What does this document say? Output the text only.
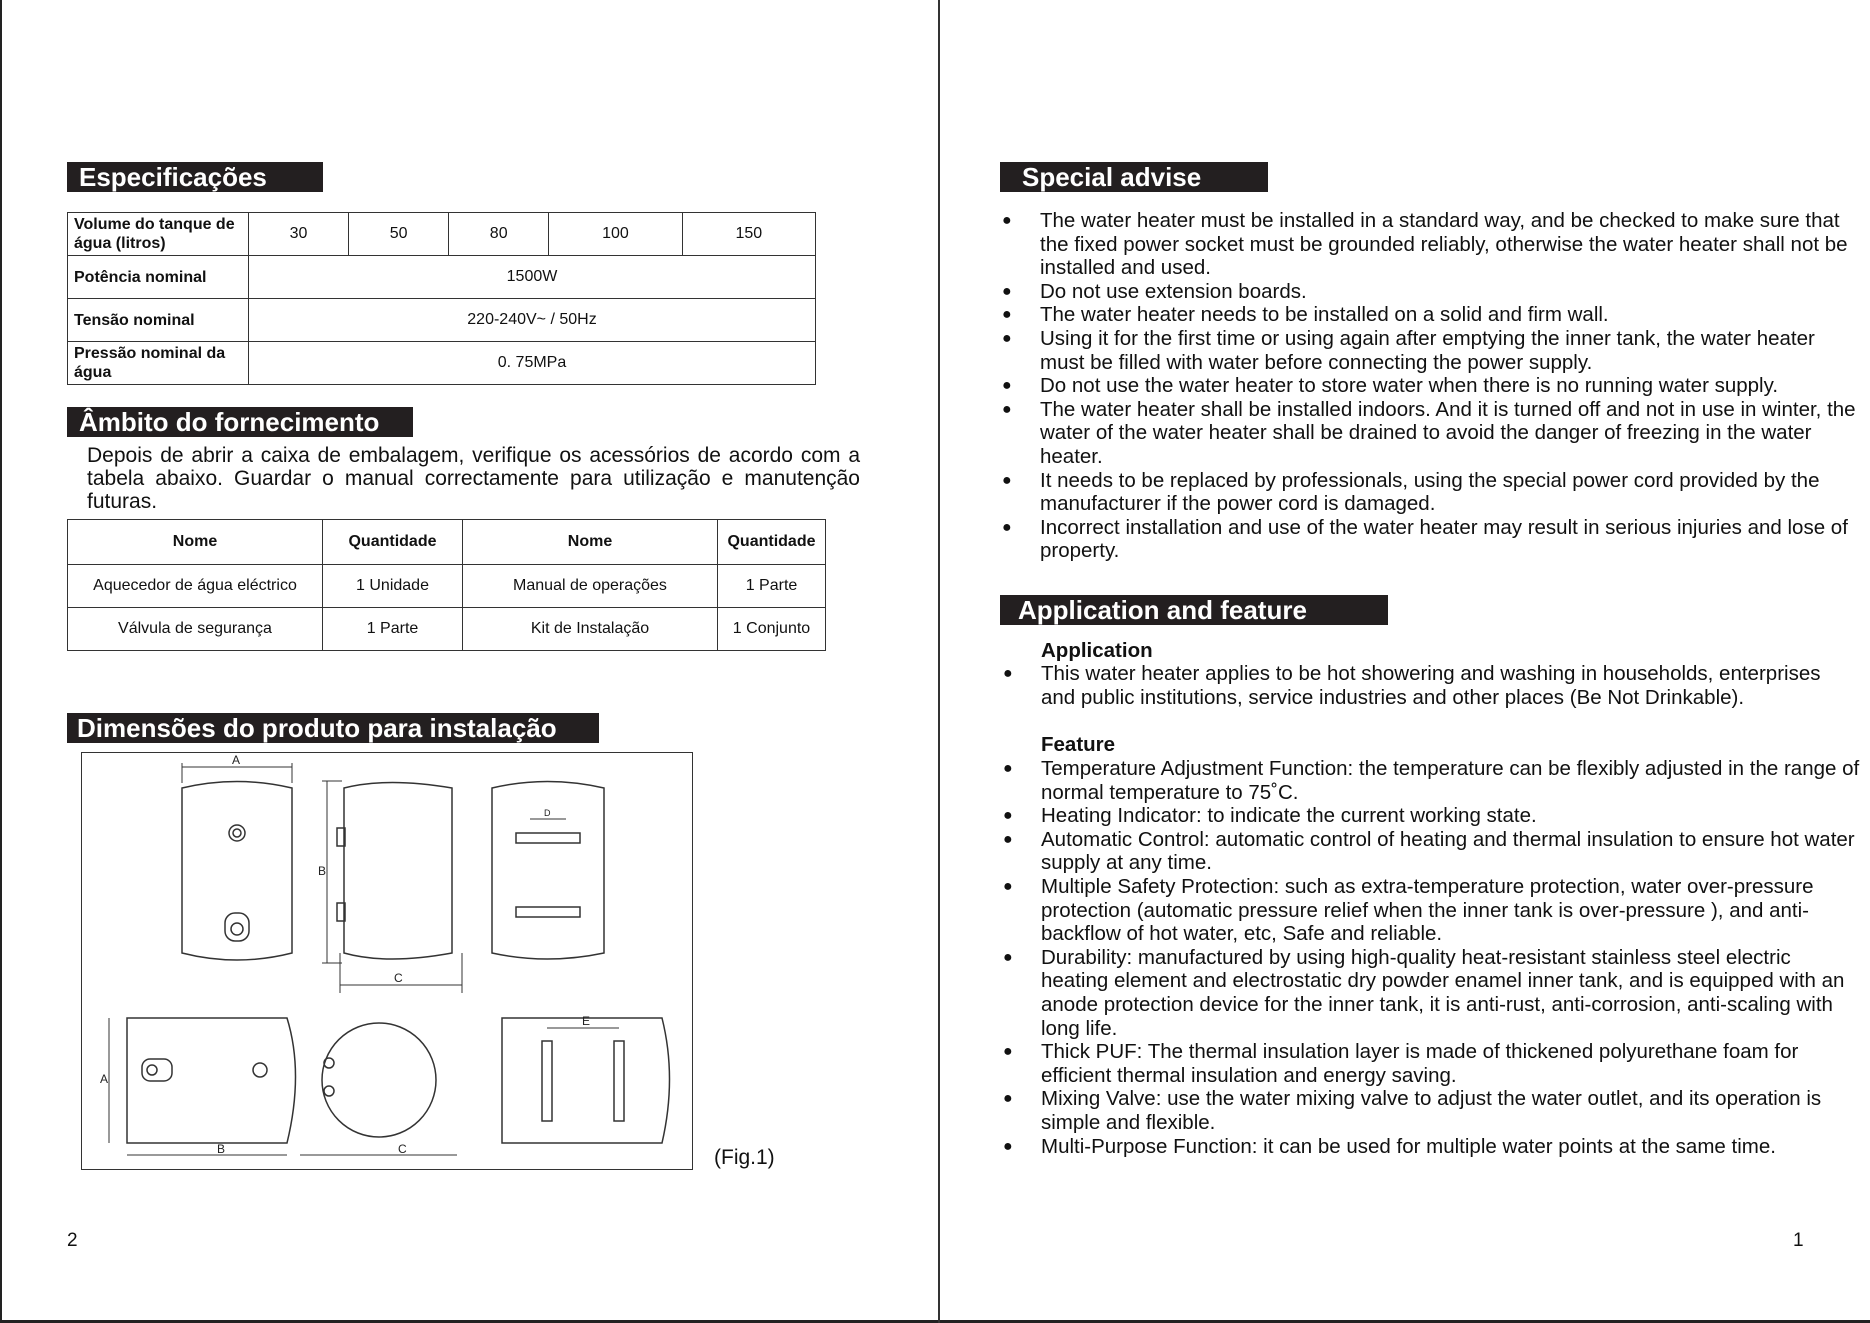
Especificações
Volume do tanque de água (litros)	30	50	80	100	150
Potência nominal	1500W				
Tensão nominal	220-240V~ / 50Hz				
Pressão nominal da água	0. 75MPa				
Âmbito do fornecimento
Depois de abrir a caixa de embalagem, verifique os acessórios de acordo com a tabela abaixo. Guardar o manual correctamente para utilização e manutenção futuras.
Nome	Quantidade	Nome	Quantidade
Aquecedor de água eléctrico	1 Unidade	Manual de operações	1 Parte
Válvula de segurança	1 Parte	Kit de Instalação	1 Conjunto
Dimensões do produto para instalação
A
B
C
D
A
B	C
E
(Fig.1)
2
Special advise
● The water heater must be installed in a standard way, and be checked to make sure that the fixed power socket must be grounded reliably, otherwise the water heater shall not be installed and used.
● Do not use extension boards.
● The water heater needs to be installed on a solid and firm wall.
● Using it for the first time or using again after emptying the inner tank, the water heater must be filled with water before connecting the power supply.
● Do not use the water heater to store water when there is no running water supply.
● The water heater shall be installed indoors. And it is turned off and not in use in winter, the water of the water heater shall be drained to avoid the danger of freezing in the water heater.
● It needs to be replaced by professionals, using the special power cord provided by the manufacturer if the power cord is damaged.
● Incorrect installation and use of the water heater may result in serious injuries and lose of property.
Application and feature
Application
● This water heater applies to be hot showering and washing in households, enterprises and public institutions, service industries and other places (Be Not Drinkable).
Feature
● Temperature Adjustment Function: the temperature can be flexibly adjusted in the range of normal temperature to 75˚C.
● Heating Indicator: to indicate the current working state.
● Automatic Control: automatic control of heating and thermal insulation to ensure hot water supply at any time.
● Multiple Safety Protection: such as extra-temperature protection, water over-pressure protection (automatic pressure relief when the inner tank is over-pressure ), and anti-backflow of hot water, etc, Safe and reliable.
● Durability: manufactured by using high-quality heat-resistant stainless steel electric heating element and electrostatic dry powder enamel inner tank, and is equipped with an anode protection device for the inner tank, it is anti-rust, anti-corrosion, anti-scaling with long life.
● Thick PUF: The thermal insulation layer is made of thickened polyurethane foam for efficient thermal insulation and energy saving.
● Mixing Valve: use the water mixing valve to adjust the water outlet, and its operation is simple and flexible.
● Multi-Purpose Function: it can be used for multiple water points at the same time.
1
